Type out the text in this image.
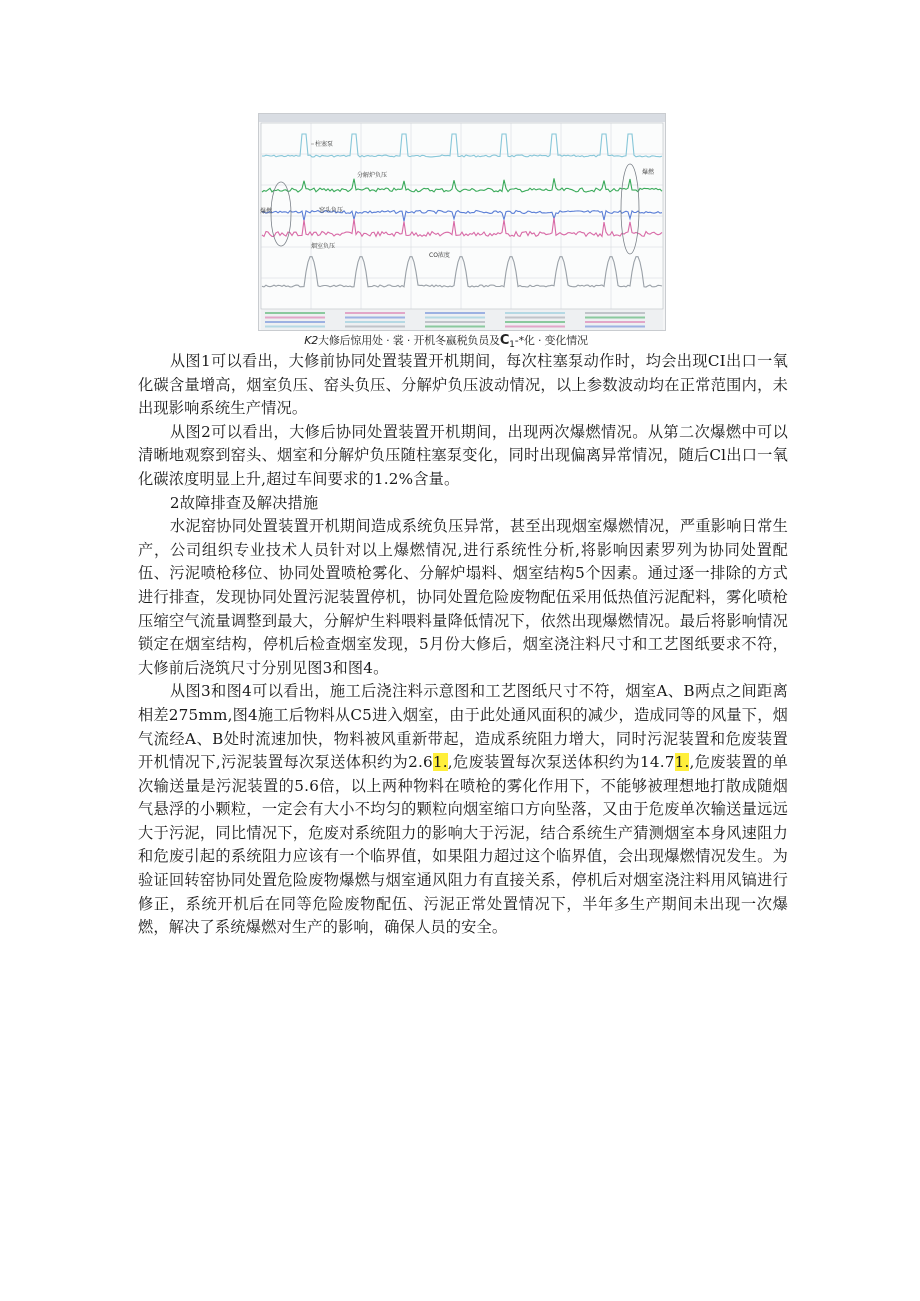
柱塞泵
分解炉负压
爆燃	窑头负压
烟室负压
CO浓度
爆燃
K2大修后惊用处 · 裳 · 开机冬嬴税负员及$C_1-*$化 · 变化情况

从图1可以看出，大修前协同处置装置开机期间，每次柱塞泵动作时，均会出现CI出口一氧化碳含量增高，烟室负压、窑头负压、分解炉负压波动情况，以上参数波动均在正常范围内，未出现影响系统生产情况。

从图2可以看出，大修后协同处置装置开机期间，出现两次爆燃情况。从第二次爆燃中可以清晰地观察到窑头、烟室和分解炉负压随柱塞泵变化，同时出现偏离异常情况，随后Cl出口一氧化碳浓度明显上升,超过车间要求的1.2%含量。

2故障排查及解决措施

水泥窑协同处置装置开机期间造成系统负压异常，甚至出现烟室爆燃情况，严重影响日常生产，公司组织专业技术人员针对以上爆燃情况,进行系统性分析,将影响因素罗列为协同处置配伍、污泥喷枪移位、协同处置喷枪雾化、分解炉塌料、烟室结构5个因素。通过逐一排除的方式进行排查，发现协同处置污泥装置停机，协同处置危险废物配伍采用低热值污泥配料，雾化喷枪压缩空气流量调整到最大，分解炉生料喂料量降低情况下，依然出现爆燃情况。最后将影响情况锁定在烟室结构，停机后检查烟室发现，5月份大修后，烟室浇注料尺寸和工艺图纸要求不符，大修前后浇筑尺寸分别见图3和图4。

从图3和图4可以看出，施工后浇注料示意图和工艺图纸尺寸不符，烟室A、B两点之间距离相差275mm,图4施工后物料从C5进入烟室，由于此处通风面积的减少，造成同等的风量下，烟气流经A、B处时流速加快，物料被风重新带起，造成系统阻力增大，同时污泥装置和危废装置开机情况下,污泥装置每次泵送体积约为2.61.,危废装置每次泵送体积约为14.71.,危废装置的单次输送量是污泥装置的5.6倍，以上两种物料在喷枪的雾化作用下，不能够被理想地打散成随烟气悬浮的小颗粒，一定会有大小不均匀的颗粒向烟室缩口方向坠落，又由于危废单次输送量远远大于污泥，同比情况下，危废对系统阻力的影响大于污泥，结合系统生产猜测烟室本身风速阻力和危废引起的系统阻力应该有一个临界值，如果阻力超过这个临界值，会出现爆燃情况发生。为验证回转窑协同处置危险废物爆燃与烟室通风阻力有直接关系，停机后对烟室浇注料用风镐进行修正，系统开机后在同等危险废物配伍、污泥正常处置情况下，半年多生产期间未出现一次爆燃，解决了系统爆燃对生产的影响，确保人员的安全。
